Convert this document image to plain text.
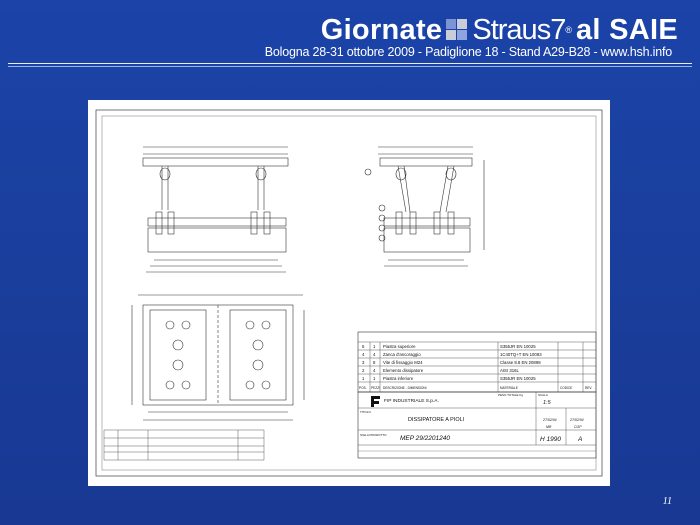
Giornate Straus7 ® al SAIE
Bologna 28-31 ottobre 2009 - Padiglione 18 - Stand A29-B28 - www.hsh.info
5 1 Piastra superiore	S355JR EN 10025
4 4 Zanca d'ancoraggio	1C40TQ+T EN 10083
3 8 Vite di fissaggio M24	Classe 8.8 EN 20898
2 4 Elemento dissipatore	AISI 316L
1 1 Piastra inferiore	S355JR EN 10025
POS. PEZZI DESCRIZIONE - DIMENSIONI	MATERIALE	CODICE	REV.
FIP INDUSTRIALE S.p.A.
PESO TOTALE Kg	SCALA
1:5
TITOLO
DISSIPATORE A PIOLI	27/02/04	27/02/04
MR	CGP
SIGLA PRODOTTO MEP 29/2201240	H 1990	A
11
